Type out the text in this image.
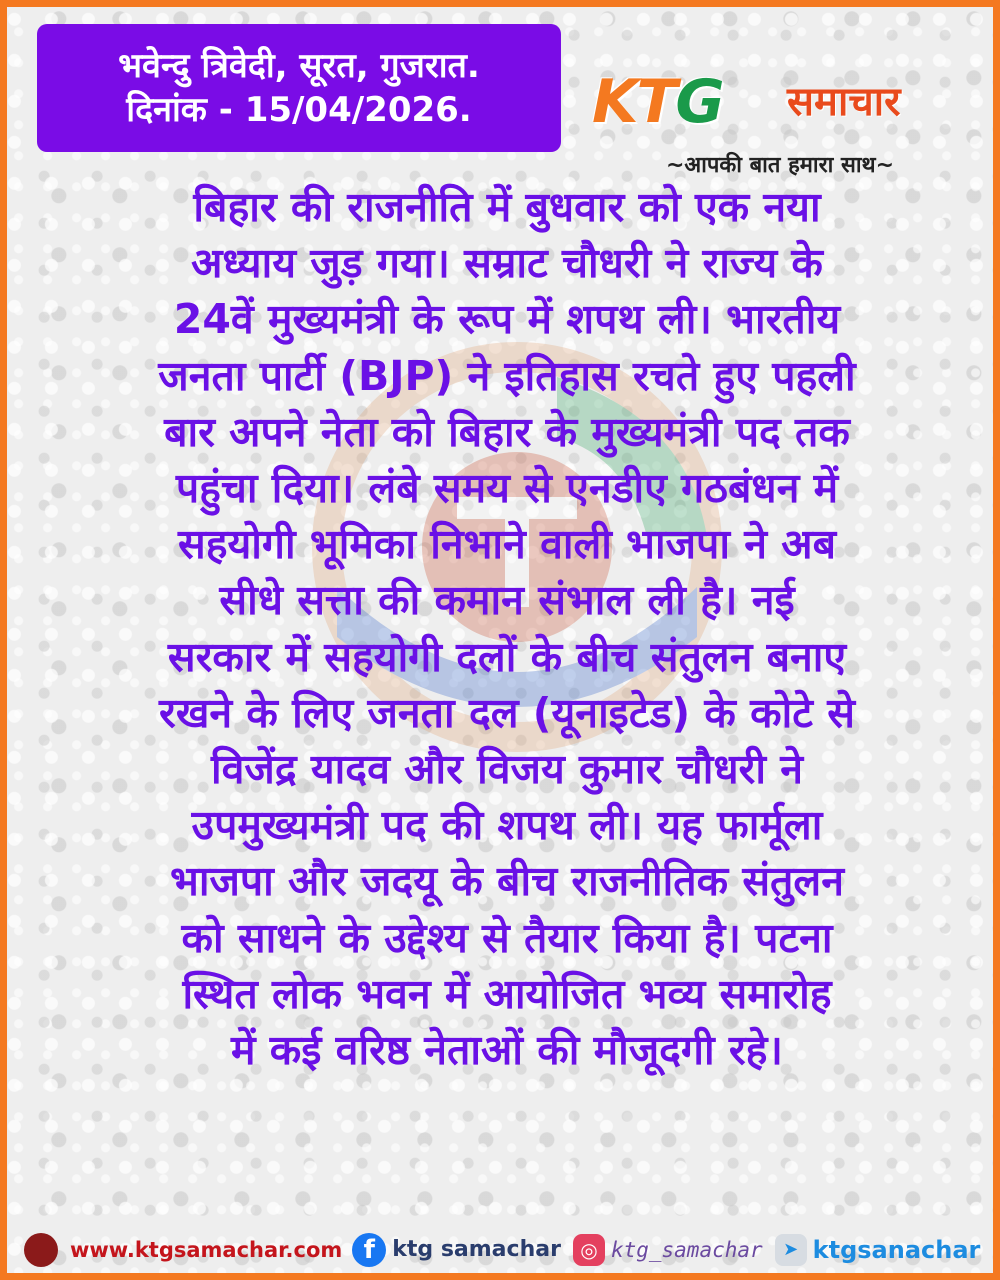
भवेन्दु त्रिवेदी, सूरत, गुजरात.
दिनांक - 15/04/2026.	KTG समाचार
~आपकी बात हमारा साथ~

बिहार की राजनीति में बुधवार को एक नया
अध्याय जुड़ गया। सम्राट चौधरी ने राज्य के
24वें मुख्यमंत्री के रूप में शपथ ली। भारतीय
जनता पार्टी (BJP) ने इतिहास रचते हुए पहली
बार अपने नेता को बिहार के मुख्यमंत्री पद तक
पहुंचा दिया। लंबे समय से एनडीए गठबंधन में
सहयोगी भूमिका निभाने वाली भाजपा ने अब
सीधे सत्ता की कमान संभाल ली है। नई
सरकार में सहयोगी दलों के बीच संतुलन बनाए
रखने के लिए जनता दल (यूनाइटेड) के कोटे से
विजेंद्र यादव और विजय कुमार चौधरी ने
उपमुख्यमंत्री पद की शपथ ली। यह फार्मूला
भाजपा और जदयू के बीच राजनीतिक संतुलन
को साधने के उद्देश्य से तैयार किया है। पटना
स्थित लोक भवन में आयोजित भव्य समारोह
में कई वरिष्ठ नेताओं की मौजूदगी रहे।

www.ktgsamachar.com f ktg samachar ◎ ktg_samachar	➤ ktgsanachar
